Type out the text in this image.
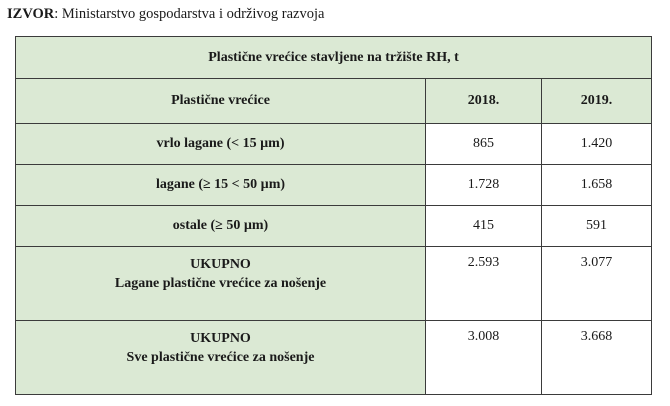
IZVOR: Ministarstvo gospodarstva i održivog razvoja
Plastične vrećice stavljene na tržište RH, t		
Plastične vrećice	2018.	2019.
vrlo lagane (< 15 µm)	865	1.420
lagane (≥ 15 < 50 µm)	1.728	1.658
ostale (≥ 50 µm)	415	591

UKUPNO
Lagane plastične vrećice za nošenje	2.593	3.077

UKUPNO
Sve plastične vrećice za nošenje	3.008	3.668
